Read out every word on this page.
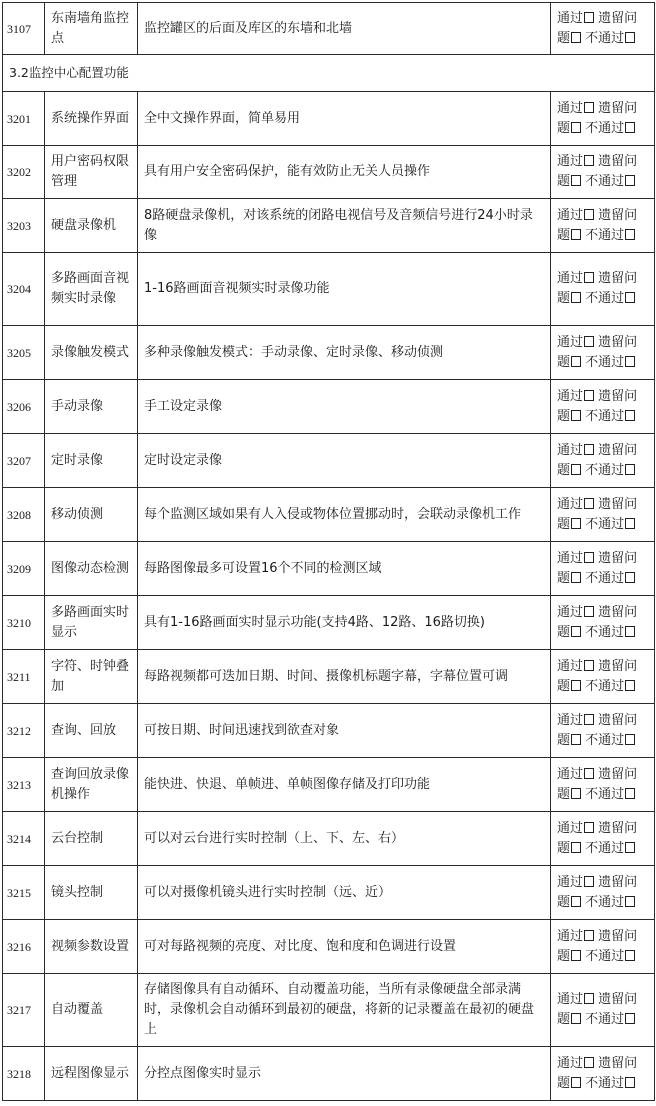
3107	东南墙角监控点	监控罐区的后面及库区的东墙和北墙	通过 遗留问题 不通过
3.2监控中心配置功能			
3201	系统操作界面	全中文操作界面，简单易用	通过 遗留问题 不通过
3202	用户密码权限管理	具有用户安全密码保护，能有效防止无关人员操作	通过 遗留问题 不通过
3203	硬盘录像机	8路硬盘录像机，对该系统的闭路电视信号及音频信号进行24小时录像	通过 遗留问题 不通过
3204	多路画面音视频实时录像	1-16路画面音视频实时录像功能	通过 遗留问题 不通过
3205	录像触发模式	多种录像触发模式：手动录像、定时录像、移动侦测	通过 遗留问题 不通过
3206	手动录像	手工设定录像	通过 遗留问题 不通过
3207	定时录像	定时设定录像	通过 遗留问题 不通过
3208	移动侦测	每个监测区域如果有人入侵或物体位置挪动时，会联动录像机工作	通过 遗留问题 不通过
3209	图像动态检测	每路图像最多可设置16个不同的检测区域	通过 遗留问题 不通过
3210	多路画面实时显示	具有1-16路画面实时显示功能(支持4路、12路、16路切换)	通过 遗留问题 不通过
3211	字符、时钟叠加	每路视频都可迭加日期、时间、摄像机标题字幕，字幕位置可调	通过 遗留问题 不通过
3212	查询、回放	可按日期、时间迅速找到欲查对象	通过 遗留问题 不通过
3213	查询回放录像机操作	能快进、快退、单帧进、单帧图像存储及打印功能	通过 遗留问题 不通过
3214	云台控制	可以对云台进行实时控制（上、下、左、右）	通过 遗留问题 不通过
3215	镜头控制	可以对摄像机镜头进行实时控制（远、近）	通过 遗留问题 不通过
3216	视频参数设置	可对每路视频的亮度、对比度、饱和度和色调进行设置	通过 遗留问题 不通过
3217	自动覆盖	存储图像具有自动循环、自动覆盖功能，当所有录像硬盘全部录满时，录像机会自动循环到最初的硬盘，将新的记录覆盖在最初的硬盘上	通过 遗留问题 不通过
3218	远程图像显示	分控点图像实时显示	通过 遗留问题 不通过
